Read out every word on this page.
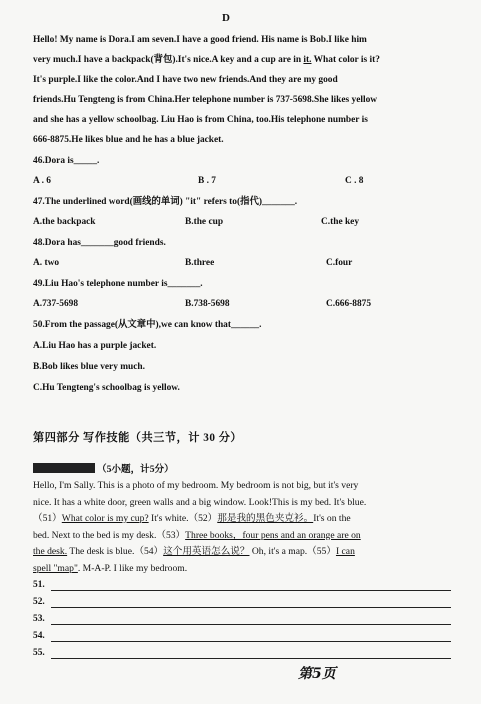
D
Hello! My name is Dora.I am seven.I have a good friend. His name is Bob.I like him
very much.I have a backpack(背包).It's nice.A key and a cup are in it. What color is it?
It's purple.I like the color.And I have two new friends.And they are my good
friends.Hu Tengteng is from China.Her telephone number is 737-5698.She likes yellow
and she has a yellow schoolbag. Liu Hao is from China, too.His telephone number is
666-8875.He likes blue and he has a blue jacket.
46.Dora is_____.
A . 6	B . 7	C . 8
47.The underlined word(画线的单词) "it" refers to(指代)_______.
A.the backpack	B.the cup	C.the key
48.Dora has_______good friends.
A. two	B.three	C.four
49.Liu Hao's telephone number is_______.
A.737-5698	B.738-5698	C.666-8875
50.From the passage(从文章中),we can know that______.
A.Liu Hao has a purple jacket.
B.Bob likes blue very much.
C.Hu Tengteng's schoolbag is yellow.
第四部分 写作技能（共三节，计 30 分）
（5小题，计5分）
Hello, I'm Sally. This is a photo of my bedroom. My bedroom is not big, but it's very
nice. It has a white door, green walls and a big window. Look!This is my bed. It's blue.
（51）What color is my cup? It's white.（52）那是我的黑色夹克衫。It's on the
bed. Next to the bed is my desk.（53）Three books，four pens and an orange are on
the desk. The desk is blue.（54）这个用英语怎么说？ Oh, it's a map.（55）I can
spell "map". M-A-P. I like my bedroom.
51.
52.
53.
54.
55.
第5页
